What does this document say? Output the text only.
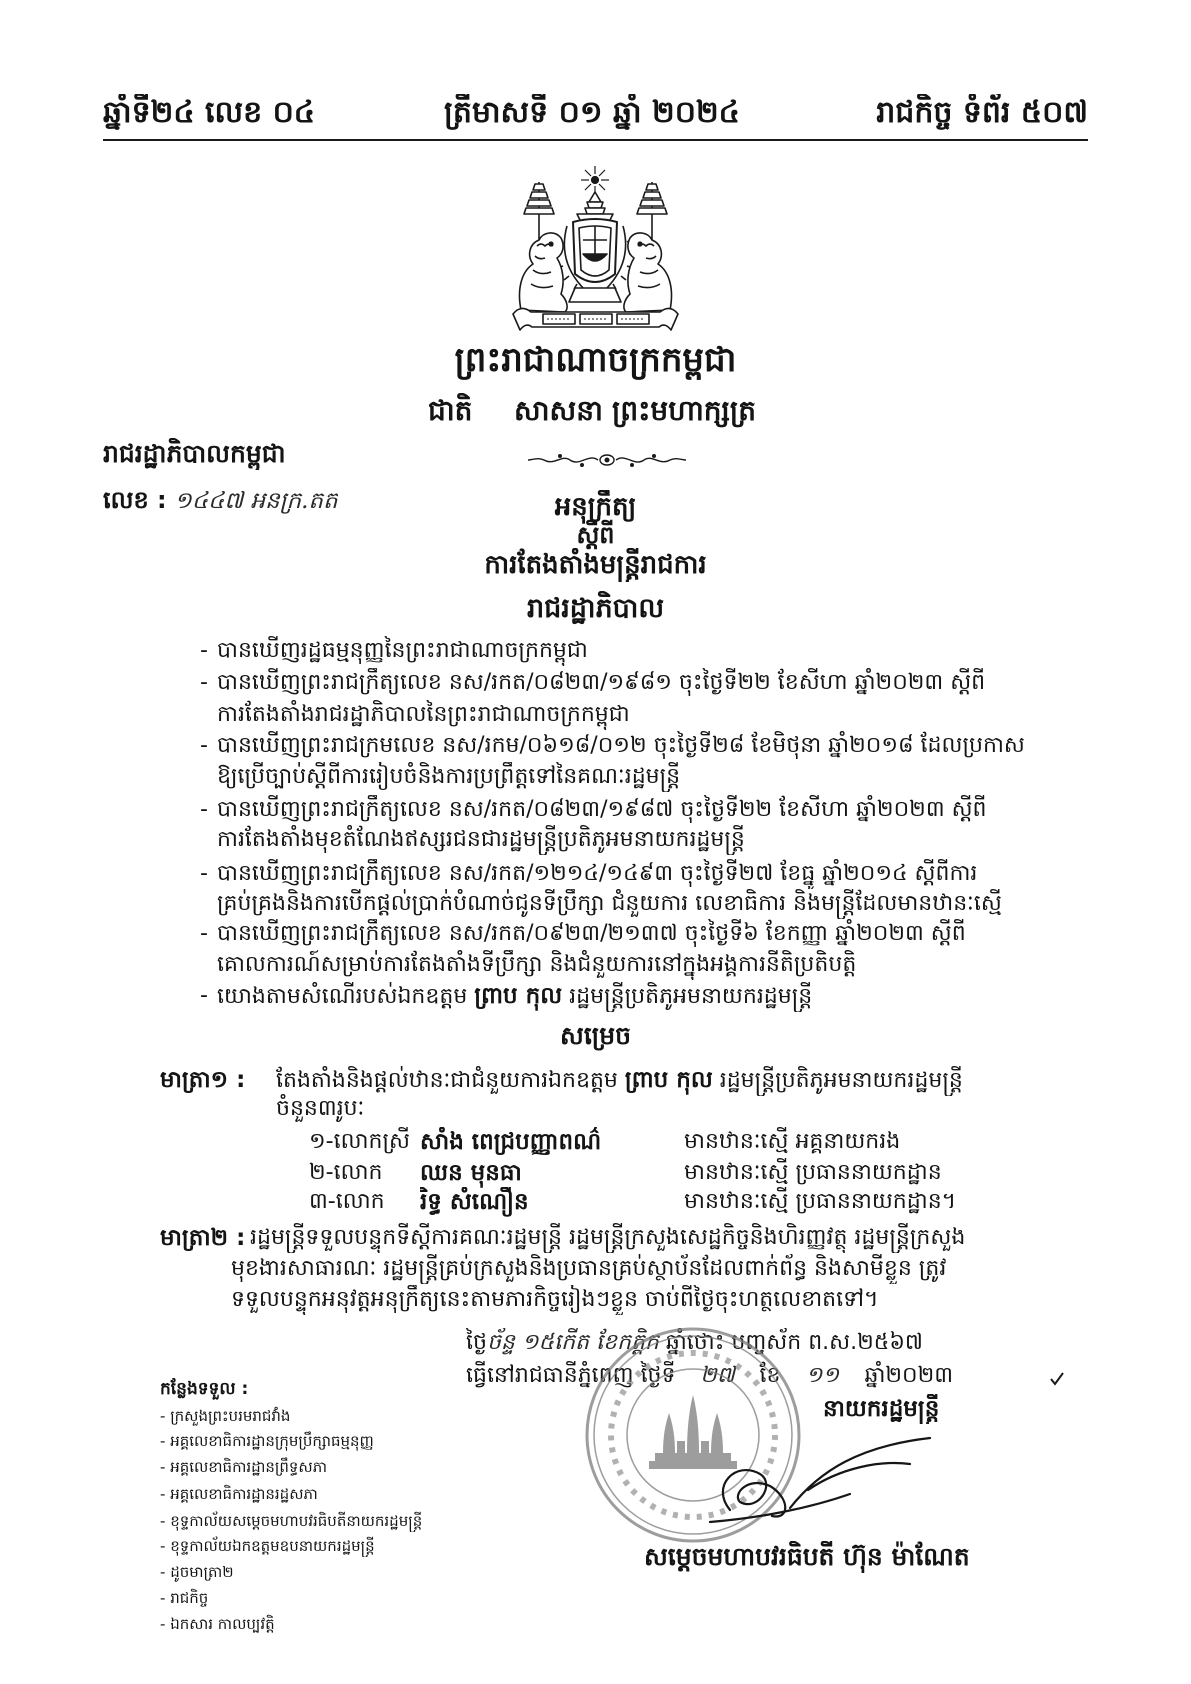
ឆ្នាំទី២៤ លេខ ០៤	ត្រីមាសទី ០១ ឆ្នាំ ២០២៤	រាជកិច្ច ទំព័រ ៥០៧
ព្រះរាជាណាចក្រកម្ពុជា
ជាតិ សាសនា ព្រះមហាក្សត្រ
រាជរដ្ឋាភិបាលកម្ពុជា
លេខ : ១៤៤៧ អនក្រ.តត	អនុក្រឹត្យ
ស្តីពី
ការតែងតាំងមន្ត្រីរាជការ
រាជរដ្ឋាភិបាល
- បានឃើញរដ្ឋធម្មនុញ្ញនៃព្រះរាជាណាចក្រកម្ពុជា
- បានឃើញព្រះរាជក្រឹត្យលេខ នស/រកត/០៨២៣/១៩៨១ ចុះថ្ងៃទី២២ ខែសីហា ឆ្នាំ២០២៣ ស្តីពី
ការតែងតាំងរាជរដ្ឋាភិបាលនៃព្រះរាជាណាចក្រកម្ពុជា
- បានឃើញព្រះរាជក្រមលេខ នស/រកម/០៦១៨/០១២ ចុះថ្ងៃទី២៨ ខែមិថុនា ឆ្នាំ២០១៨ ដែលប្រកាស
ឱ្យប្រើច្បាប់ស្តីពីការរៀបចំនិងការប្រព្រឹត្តទៅនៃគណៈរដ្ឋមន្ត្រី
- បានឃើញព្រះរាជក្រឹត្យលេខ នស/រកត/០៨២៣/១៩៨៧ ចុះថ្ងៃទី២២ ខែសីហា ឆ្នាំ២០២៣ ស្តីពី
ការតែងតាំងមុខតំណែងឥស្សរជនជារដ្ឋមន្ត្រីប្រតិភូអមនាយករដ្ឋមន្ត្រី
- បានឃើញព្រះរាជក្រឹត្យលេខ នស/រកត/១២១៤/១៤៩៣ ចុះថ្ងៃទី២៧ ខែធ្នូ ឆ្នាំ២០១៤ ស្តីពីការ
គ្រប់គ្រងនិងការបើកផ្តល់ប្រាក់បំណាច់ជូនទីប្រឹក្សា ជំនួយការ លេខាធិការ និងមន្ត្រីដែលមានឋានៈស្មើ
- បានឃើញព្រះរាជក្រឹត្យលេខ នស/រកត/០៩២៣/២១៣៧ ចុះថ្ងៃទី៦ ខែកញ្ញា ឆ្នាំ២០២៣ ស្តីពី
គោលការណ៍សម្រាប់ការតែងតាំងទីប្រឹក្សា និងជំនួយការនៅក្នុងអង្គការនីតិប្រតិបត្តិ
- យោងតាមសំណើរបស់ឯកឧត្តម ព្រាប កុល រដ្ឋមន្ត្រីប្រតិភូអមនាយករដ្ឋមន្ត្រី
សម្រេច
មាត្រា១ : តែងតាំងនិងផ្តល់ឋានៈជាជំនួយការឯកឧត្តម ព្រាប កុល រដ្ឋមន្ត្រីប្រតិភូអមនាយករដ្ឋមន្ត្រី
ចំនួន៣រូបៈ
១-លោកស្រី សាំង ពេជ្របញ្ញាពណ៌	មានឋានៈស្មើ អគ្គនាយករង
២-លោក ឈន មុនធា	មានឋានៈស្មើ ប្រធាននាយកដ្ឋាន
៣-លោក រិទ្ធ សំណឿន	មានឋានៈស្មើ ប្រធាននាយកដ្ឋាន។
មាត្រា២ : រដ្ឋមន្ត្រីទទួលបន្ទុកទីស្តីការគណៈរដ្ឋមន្ត្រី រដ្ឋមន្ត្រីក្រសួងសេដ្ឋកិច្ចនិងហិរញ្ញវត្ថុ រដ្ឋមន្ត្រីក្រសួង
មុខងារសាធារណៈ រដ្ឋមន្ត្រីគ្រប់ក្រសួងនិងប្រធានគ្រប់ស្ថាប័នដែលពាក់ព័ន្ធ និងសាមីខ្លួន ត្រូវ
ទទួលបន្ទុកអនុវត្តអនុក្រឹត្យនេះតាមភារកិច្ចរៀងៗខ្លួន ចាប់ពីថ្ងៃចុះហត្ថលេខាតទៅ។
កន្លែងទទួល :
- ក្រសួងព្រះបរមរាជវាំង
- អគ្គលេខាធិការដ្ឋានក្រុមប្រឹក្សាធម្មនុញ្ញ
- អគ្គលេខាធិការដ្ឋានព្រឹទ្ធសភា
- អគ្គលេខាធិការដ្ឋានរដ្ឋសភា
- ខុទ្ទកាល័យសម្តេចមហាបវរធិបតីនាយករដ្ឋមន្ត្រី
- ខុទ្ទកាល័យឯកឧត្តមឧបនាយករដ្ឋមន្ត្រី
- ដូចមាត្រា២
- រាជកិច្ច
- ឯកសារ កាលប្បវត្តិ
ថ្ងៃច័ន្ទ ១៥កើត ខែកត្តិក ឆ្នាំថោះ បញ្ចស័ក ព.ស.២៥៦៧
ធ្វើនៅរាជធានីភ្នំពេញ ថ្ងៃទី ២៧ ខែ ១១ ឆ្នាំ២០២៣
នាយករដ្ឋមន្ត្រី
សម្តេចមហាបវរធិបតី ហ៊ុន ម៉ាណែត
